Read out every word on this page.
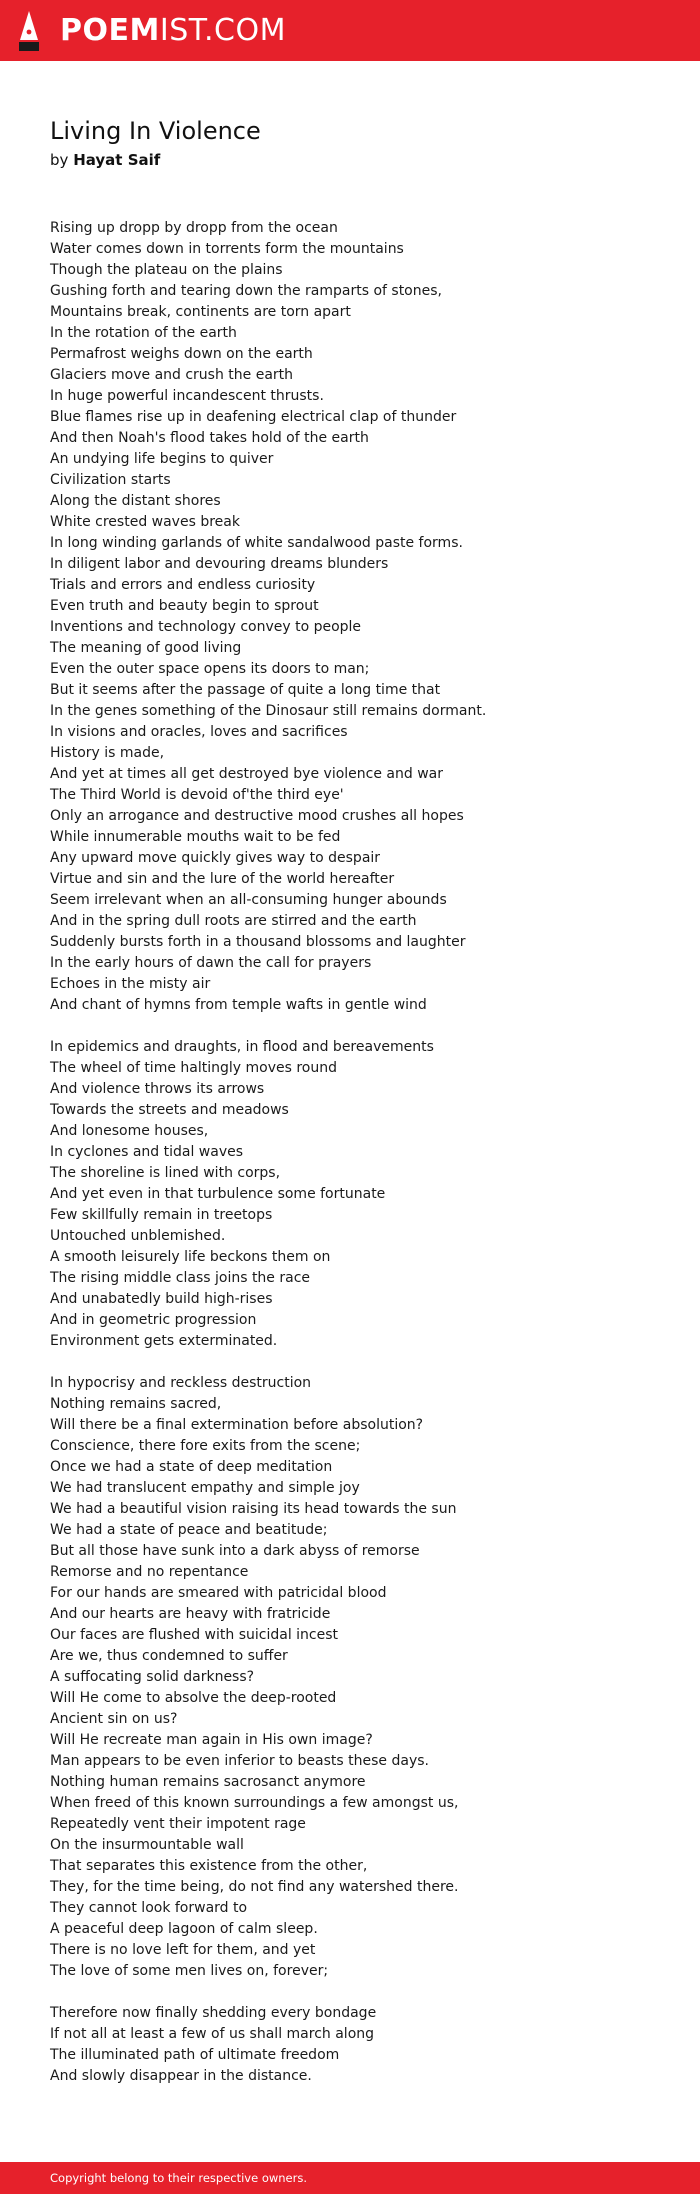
POEMIST.COM
Living In Violence
by Hayat Saif
Rising up dropp by dropp from the ocean
Water comes down in torrents form the mountains
Though the plateau on the plains
Gushing forth and tearing down the ramparts of stones,
Mountains break, continents are torn apart
In the rotation of the earth
Permafrost weighs down on the earth
Glaciers move and crush the earth
In huge powerful incandescent thrusts.
Blue flames rise up in deafening electrical clap of thunder
And then Noah's flood takes hold of the earth
An undying life begins to quiver
Civilization starts
Along the distant shores
White crested waves break
In long winding garlands of white sandalwood paste forms.
In diligent labor and devouring dreams blunders
Trials and errors and endless curiosity
Even truth and beauty begin to sprout
Inventions and technology convey to people
The meaning of good living
Even the outer space opens its doors to man;
But it seems after the passage of quite a long time that
In the genes something of the Dinosaur still remains dormant.
In visions and oracles, loves and sacrifices
History is made,
And yet at times all get destroyed bye violence and war
The Third World is devoid of'the third eye'
Only an arrogance and destructive mood crushes all hopes
While innumerable mouths wait to be fed
Any upward move quickly gives way to despair
Virtue and sin and the lure of the world hereafter
Seem irrelevant when an all-consuming hunger abounds
And in the spring dull roots are stirred and the earth
Suddenly bursts forth in a thousand blossoms and laughter
In the early hours of dawn the call for prayers
Echoes in the misty air
And chant of hymns from temple wafts in gentle wind
In epidemics and draughts, in flood and bereavements
The wheel of time haltingly moves round
And violence throws its arrows
Towards the streets and meadows
And lonesome houses,
In cyclones and tidal waves
The shoreline is lined with corps,
And yet even in that turbulence some fortunate
Few skillfully remain in treetops
Untouched unblemished.
A smooth leisurely life beckons them on
The rising middle class joins the race
And unabatedly build high-rises
And in geometric progression
Environment gets exterminated.
In hypocrisy and reckless destruction
Nothing remains sacred,
Will there be a final extermination before absolution?
Conscience, there fore exits from the scene;
Once we had a state of deep meditation
We had translucent empathy and simple joy
We had a beautiful vision raising its head towards the sun
We had a state of peace and beatitude;
But all those have sunk into a dark abyss of remorse
Remorse and no repentance
For our hands are smeared with patricidal blood
And our hearts are heavy with fratricide
Our faces are flushed with suicidal incest
Are we, thus condemned to suffer
A suffocating solid darkness?
Will He come to absolve the deep-rooted
Ancient sin on us?
Will He recreate man again in His own image?
Man appears to be even inferior to beasts these days.
Nothing human remains sacrosanct anymore
When freed of this known surroundings a few amongst us,
Repeatedly vent their impotent rage
On the insurmountable wall
That separates this existence from the other,
They, for the time being, do not find any watershed there.
They cannot look forward to
A peaceful deep lagoon of calm sleep.
There is no love left for them, and yet
The love of some men lives on, forever;
Therefore now finally shedding every bondage
If not all at least a few of us shall march along
The illuminated path of ultimate freedom
And slowly disappear in the distance.
Copyright belong to their respective owners.
